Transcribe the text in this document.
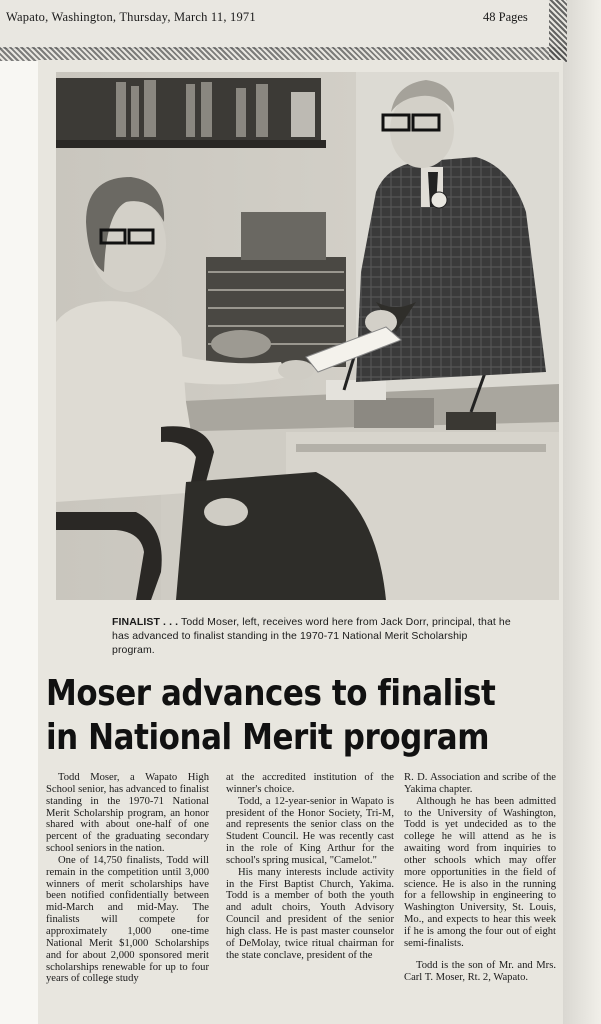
Wapato, Washington, Thursday, March 11, 1971	48 Pages
FINALIST . . . Todd Moser, left, receives word here from Jack Dorr, principal, that he has advanced to finalist standing in the 1970-71 National Merit Scholarship program.
Moser advances to finalist
in National Merit program

Todd Moser, a Wapato High School senior, has advanced to finalist standing in the 1970-71 National Merit Scholarship program, an honor shared with about one-half of one percent of the graduating secondary school seniors in the nation.

One of 14,750 finalists, Todd will remain in the competition until 3,000 winners of merit scholarships have been notified confidentially between mid-March and mid-May. The finalists will compete for approximately 1,000 one-time National Merit $1,000 Scholarships and for about 2,000 sponsored merit scholarships renewable for up to four years of college study

at the accredited institution of the winner's choice.

Todd, a 12-year-senior in Wapato is president of the Honor Society, Tri-M, and represents the senior class on the Student Council. He was recently cast in the role of King Arthur for the school's spring musical, "Camelot."

His many interests include activity in the First Baptist Church, Yakima. Todd is a member of both the youth and adult choirs, Youth Advisory Council and president of the senior high class. He is past master counselor of DeMolay, twice ritual chairman for the state conclave, president of the

R. D. Association and scribe of the Yakima chapter.

Although he has been admitted to the University of Washington, Todd is yet undecided as to the college he will attend as he is awaiting word from inquiries to other schools which may offer more opportunities in the field of science. He is also in the running for a fellowship in engineering to Washington University, St. Louis, Mo., and expects to hear this week if he is among the four out of eight semi-finalists.

Todd is the son of Mr. and Mrs. Carl T. Moser, Rt. 2, Wapato.
